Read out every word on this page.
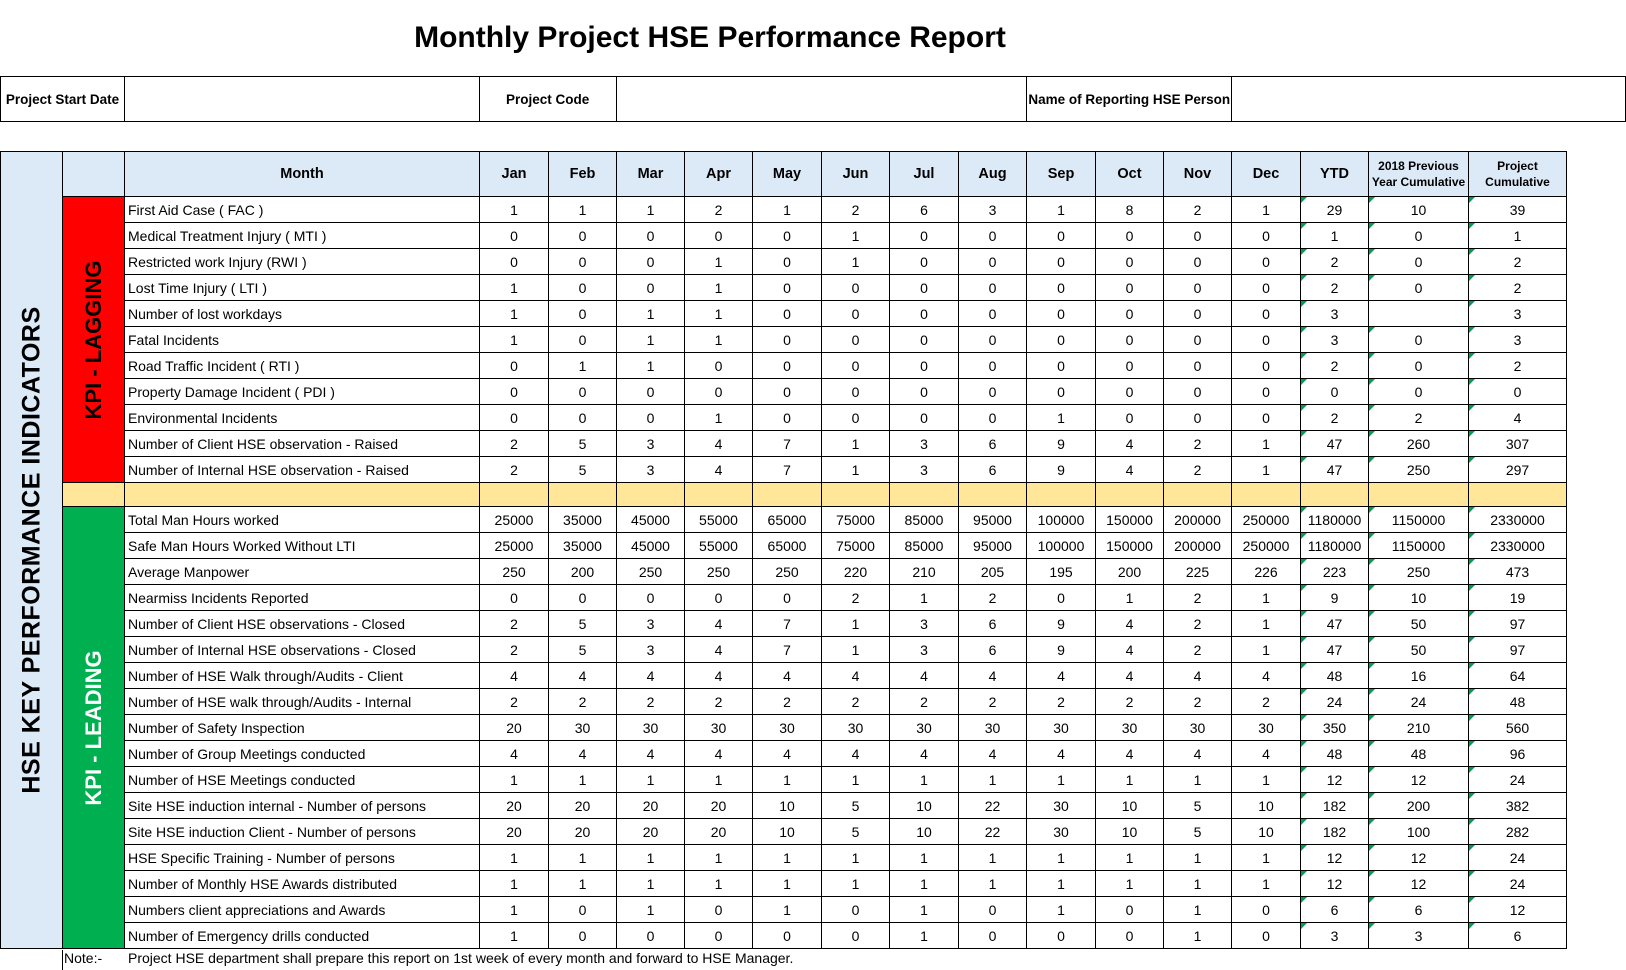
Monthly Project HSE Performance Report
Project Start Date		Project Code		Name of Reporting HSE Person	
HSE KEY PERFORMANCE INDICATORS		Month	Jan	Feb	Mar	Apr	May	Jun	Jul	Aug	Sep	Oct	Nov	Dec	YTD	2018 Previous Year Cumulative	Project Cumulative

	KPI - LAGGING	First Aid Case ( FAC )	1	1	1	2	1	2	6	3	1	8	2	1	29	10	39
		Medical Treatment Injury ( MTI )	0	0	0	0	0	1	0	0	0	0	0	0	1	0	1
		Restricted work Injury (RWI )	0	0	0	1	0	1	0	0	0	0	0	0	2	0	2
		Lost Time Injury ( LTI )	1	0	0	1	0	0	0	0	0	0	0	0	2	0	2
		Number of lost workdays	1	0	1	1	0	0	0	0	0	0	0	0	3		3
		Fatal Incidents	1	0	1	1	0	0	0	0	0	0	0	0	3	0	3
		Road Traffic Incident ( RTI )	0	1	1	0	0	0	0	0	0	0	0	0	2	0	2
		Property Damage Incident ( PDI )	0	0	0	0	0	0	0	0	0	0	0	0	0	0	0
		Environmental Incidents	0	0	0	1	0	0	0	0	1	0	0	0	2	2	4
		Number of Client HSE observation - Raised	2	5	3	4	7	1	3	6	9	4	2	1	47	260	307
		Number of Internal HSE observation - Raised	2	5	3	4	7	1	3	6	9	4	2	1	47	250	297

	KPI - LEADING	Total Man Hours worked	25000	35000	45000	55000	65000	75000	85000	95000	100000	150000	200000	250000	1180000	1150000	2330000
		Safe Man Hours Worked Without LTI	25000	35000	45000	55000	65000	75000	85000	95000	100000	150000	200000	250000	1180000	1150000	2330000
		Average Manpower	250	200	250	250	250	220	210	205	195	200	225	226	223	250	473
		Nearmiss Incidents Reported	0	0	0	0	0	2	1	2	0	1	2	1	9	10	19
		Number of Client HSE observations - Closed	2	5	3	4	7	1	3	6	9	4	2	1	47	50	97
		Number of Internal HSE observations - Closed	2	5	3	4	7	1	3	6	9	4	2	1	47	50	97
		Number of HSE Walk through/Audits - Client	4	4	4	4	4	4	4	4	4	4	4	4	48	16	64
		Number of HSE walk through/Audits - Internal	2	2	2	2	2	2	2	2	2	2	2	2	24	24	48
		Number of Safety Inspection	20	30	30	30	30	30	30	30	30	30	30	30	350	210	560
		Number of Group Meetings conducted	4	4	4	4	4	4	4	4	4	4	4	4	48	48	96
		Number of HSE Meetings conducted	1	1	1	1	1	1	1	1	1	1	1	1	12	12	24
		Site HSE induction internal - Number of persons	20	20	20	20	10	5	10	22	30	10	5	10	182	200	382
		Site HSE induction Client - Number of persons	20	20	20	20	10	5	10	22	30	10	5	10	182	100	282
		HSE Specific Training - Number of persons	1	1	1	1	1	1	1	1	1	1	1	1	12	12	24
		Number of Monthly HSE Awards distributed	1	1	1	1	1	1	1	1	1	1	1	1	12	12	24
		Numbers client appreciations and Awards	1	0	1	0	1	0	1	0	1	0	1	0	6	6	12
		Number of Emergency drills conducted	1	0	0	0	0	0	1	0	0	0	1	0	3	3	6
Note:- Project HSE department shall prepare this report on 1st week of every month and forward to HSE Manager.
